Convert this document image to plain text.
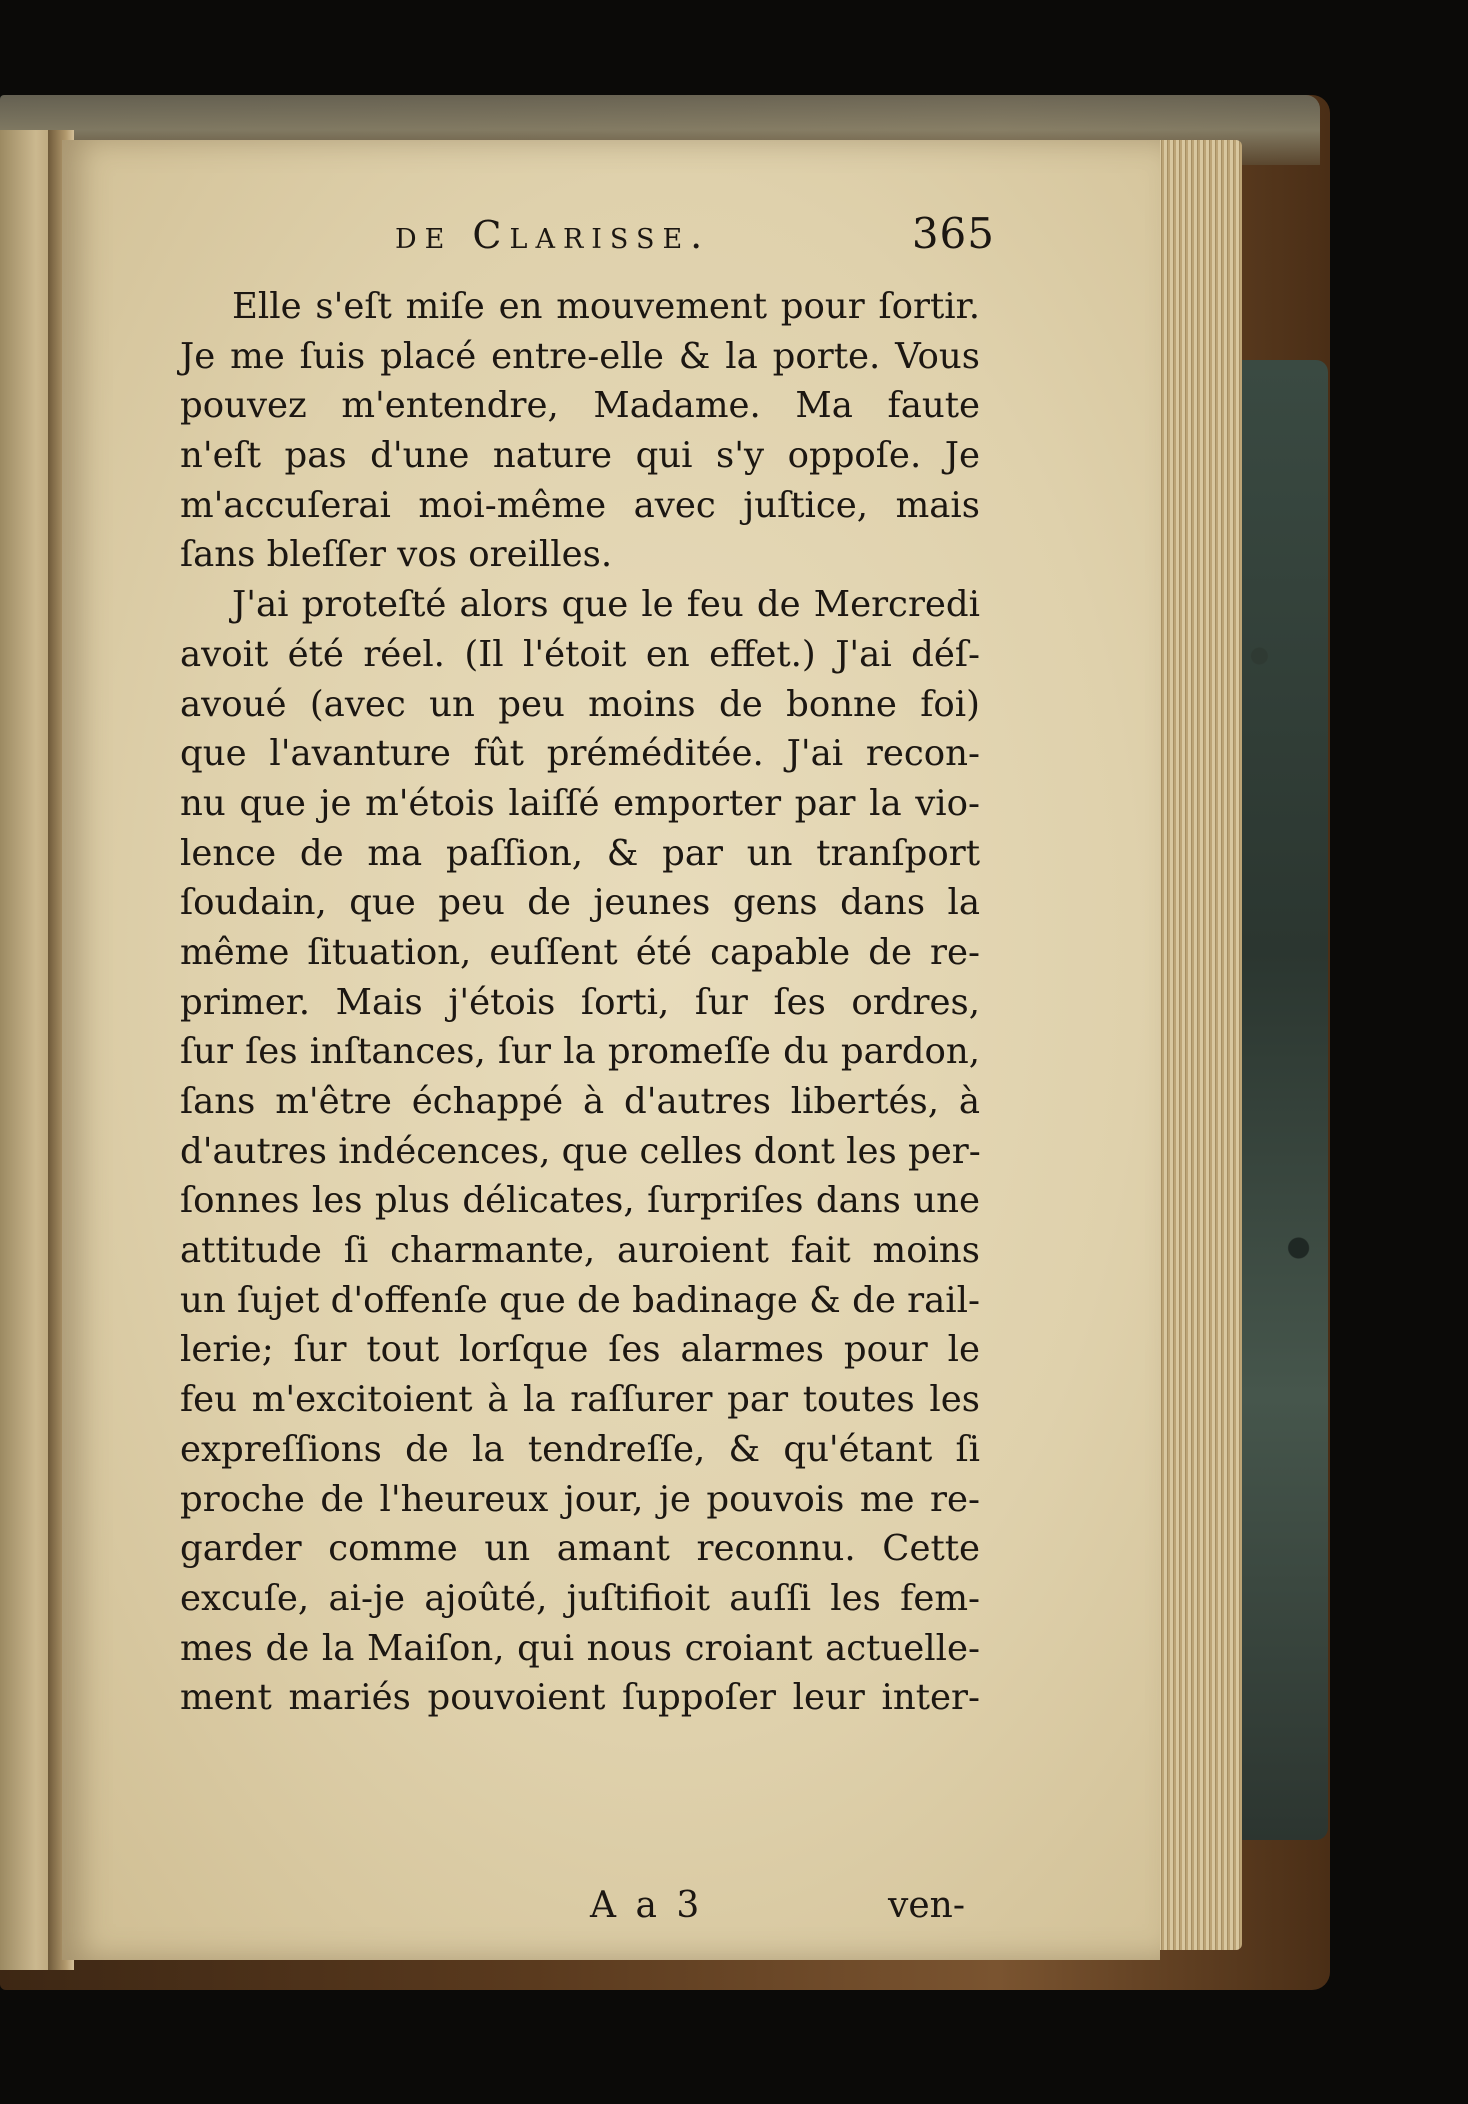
de Clarisse.	365
Elle s'eſt miſe en mouvement pour ſortir.
Je me ſuis placé entre-elle & la porte. Vous
pouvez m'entendre, Madame. Ma faute
n'eſt pas d'une nature qui s'y oppoſe. Je
m'accuſerai moi-même avec juſtice, mais
ſans bleſſer vos oreilles.
J'ai proteſté alors que le feu de Mercredi
avoit été réel. (Il l'étoit en effet.) J'ai déſ-
avoué (avec un peu moins de bonne foi)
que l'avanture fût préméditée. J'ai recon-
nu que je m'étois laiſſé emporter par la vio-
lence de ma paſſion, & par un tranſport
ſoudain, que peu de jeunes gens dans la
même ſituation, euſſent été capable de re-
primer. Mais j'étois ſorti, ſur ſes ordres,
ſur ſes inſtances, ſur la promeſſe du pardon,
ſans m'être échappé à d'autres libertés, à
d'autres indécences, que celles dont les per-
ſonnes les plus délicates, ſurpriſes dans une
attitude ſi charmante, auroient fait moins
un ſujet d'offenſe que de badinage & de rail-
lerie; ſur tout lorſque ſes alarmes pour le
feu m'excitoient à la raſſurer par toutes les
expreſſions de la tendreſſe, & qu'étant ſi
proche de l'heureux jour, je pouvois me re-
garder comme un amant reconnu. Cette
excuſe, ai-je ajoûté, juſtifioit auſſi les fem-
mes de la Maiſon, qui nous croiant actuelle-
ment mariés pouvoient ſuppoſer leur inter-
A a 3	ven-
